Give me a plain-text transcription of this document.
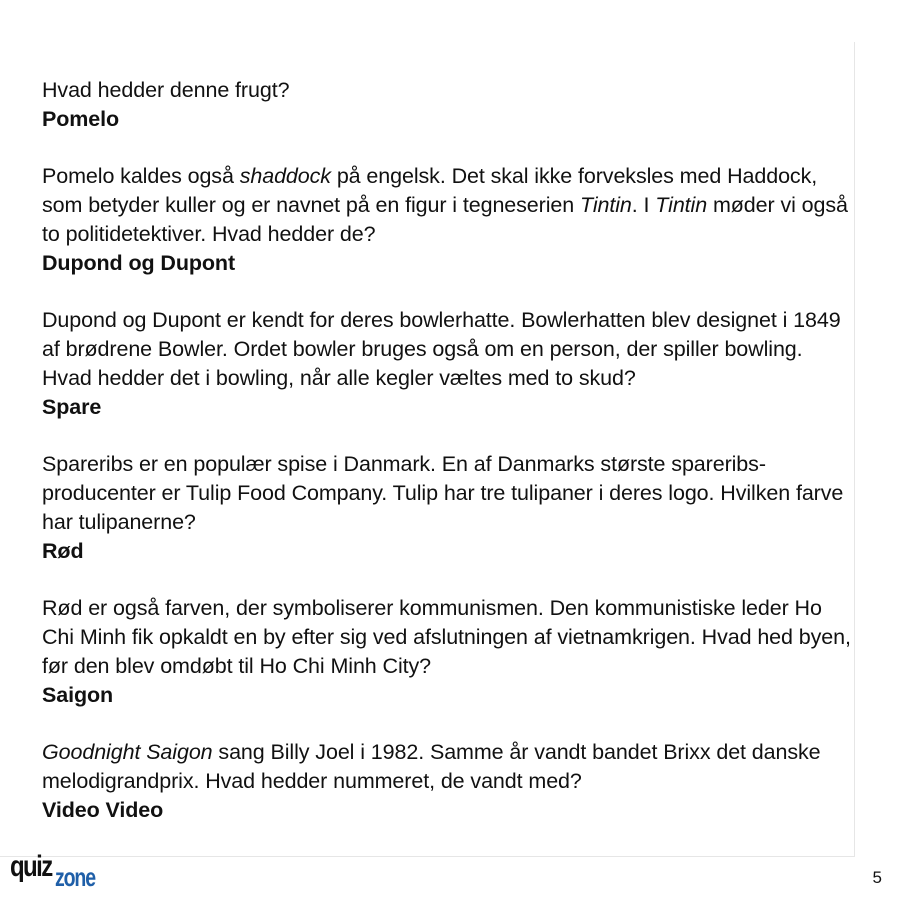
Hvad hedder denne frugt?
Pomelo
Pomelo kaldes også shaddock på engelsk. Det skal ikke forveksles med Haddock, som betyder kuller og er navnet på en figur i tegneserien Tintin. I Tintin møder vi også to politidetektiver. Hvad hedder de?
Dupond og Dupont
Dupond og Dupont er kendt for deres bowlerhatte. Bowlerhatten blev designet i 1849 af brødrene Bowler. Ordet bowler bruges også om en person, der spiller bowling. Hvad hedder det i bowling, når alle kegler væltes med to skud?
Spare
Spareribs er en populær spise i Danmark. En af Danmarks største spareribs-producenter er Tulip Food Company. Tulip har tre tulipaner i deres logo. Hvilken farve har tulipanerne?
Rød
Rød er også farven, der symboliserer kommunismen. Den kommunistiske leder Ho Chi Minh fik opkaldt en by efter sig ved afslutningen af vietnamkrigen. Hvad hed byen, før den blev omdøbt til Ho Chi Minh City?
Saigon
Goodnight Saigon sang Billy Joel i 1982. Samme år vandt bandet Brixx det danske melodigrandprix. Hvad hedder nummeret, de vandt med?
Video Video
quiz zone	5
